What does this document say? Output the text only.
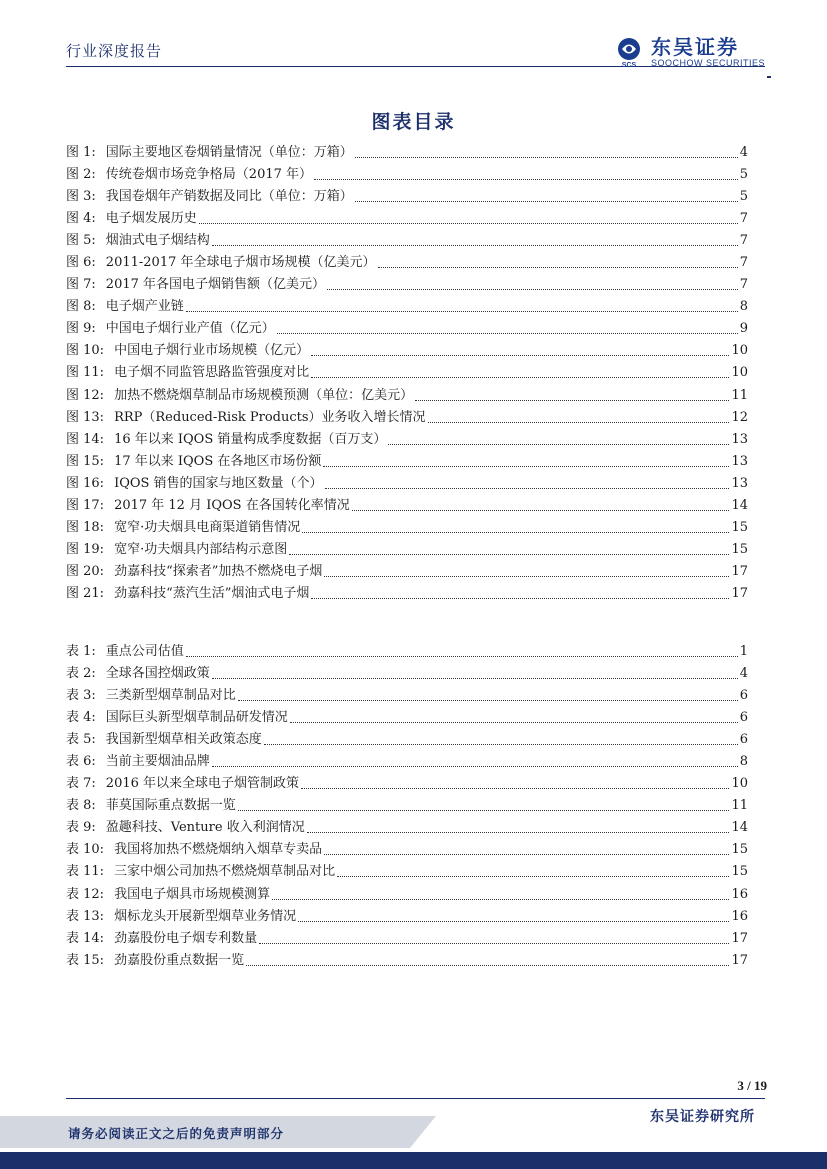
行业深度报告
SCS
东吴证券
SOOCHOW SECURITIES
图表目录
图 1: 国际主要地区卷烟销量情况（单位：万箱）	4
图 2: 传统卷烟市场竞争格局（2017 年）	5
图 3: 我国卷烟年产销数据及同比（单位：万箱）	5
图 4: 电子烟发展历史	7
图 5: 烟油式电子烟结构	7
图 6: 2011-2017 年全球电子烟市场规模（亿美元）	7
图 7: 2017 年各国电子烟销售额（亿美元）	7
图 8: 电子烟产业链	8
图 9: 中国电子烟行业产值（亿元）	9
图 10: 中国电子烟行业市场规模（亿元）	10
图 11: 电子烟不同监管思路监管强度对比	10
图 12: 加热不燃烧烟草制品市场规模预测（单位：亿美元）	11
图 13: RRP（Reduced-Risk Products）业务收入增长情况	12
图 14: 16 年以来 IQOS 销量构成季度数据（百万支）	13
图 15: 17 年以来 IQOS 在各地区市场份额	13
图 16: IQOS 销售的国家与地区数量（个）	13
图 17: 2017 年 12 月 IQOS 在各国转化率情况	14
图 18: 宽窄·功夫烟具电商渠道销售情况	15
图 19: 宽窄·功夫烟具内部结构示意图	15
图 20: 劲嘉科技“探索者”加热不燃烧电子烟	17
图 21: 劲嘉科技“蒸汽生活”烟油式电子烟	17
表 1: 重点公司估值	1
表 2: 全球各国控烟政策	4
表 3: 三类新型烟草制品对比	6
表 4: 国际巨头新型烟草制品研发情况	6
表 5: 我国新型烟草相关政策态度	6
表 6: 当前主要烟油品牌	8
表 7: 2016 年以来全球电子烟管制政策	10
表 8: 菲莫国际重点数据一览	11
表 9: 盈趣科技、Venture 收入利润情况	14
表 10: 我国将加热不燃烧烟纳入烟草专卖品	15
表 11: 三家中烟公司加热不燃烧烟草制品对比	15
表 12: 我国电子烟具市场规模测算	16
表 13: 烟标龙头开展新型烟草业务情况	16
表 14: 劲嘉股份电子烟专利数量	17
表 15: 劲嘉股份重点数据一览	17
3 / 19
东吴证券研究所
请务必阅读正文之后的免责声明部分
